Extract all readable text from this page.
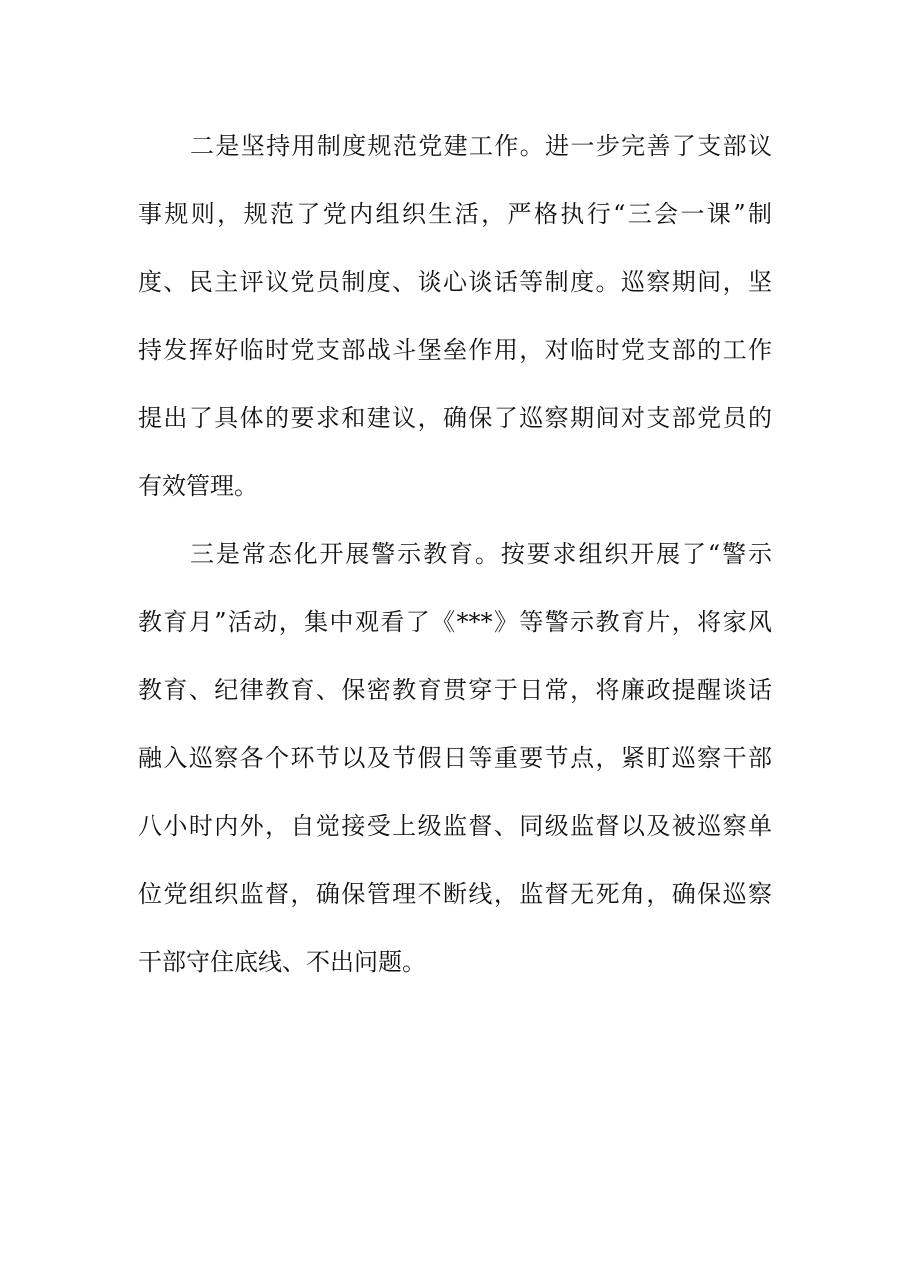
二是坚持用制度规范党建工作。进一步完善了支部议
事规则，规范了党内组织生活，严格执行“三会一课”制
度、民主评议党员制度、谈心谈话等制度。巡察期间，坚
持发挥好临时党支部战斗堡垒作用，对临时党支部的工作
提出了具体的要求和建议，确保了巡察期间对支部党员的
有效管理。

三是常态化开展警示教育。按要求组织开展了“警示
教育月”活动，集中观看了《***》等警示教育片，将家风
教育、纪律教育、保密教育贯穿于日常，将廉政提醒谈话
融入巡察各个环节以及节假日等重要节点，紧盯巡察干部
八小时内外，自觉接受上级监督、同级监督以及被巡察单
位党组织监督，确保管理不断线，监督无死角，确保巡察
干部守住底线、不出问题。
